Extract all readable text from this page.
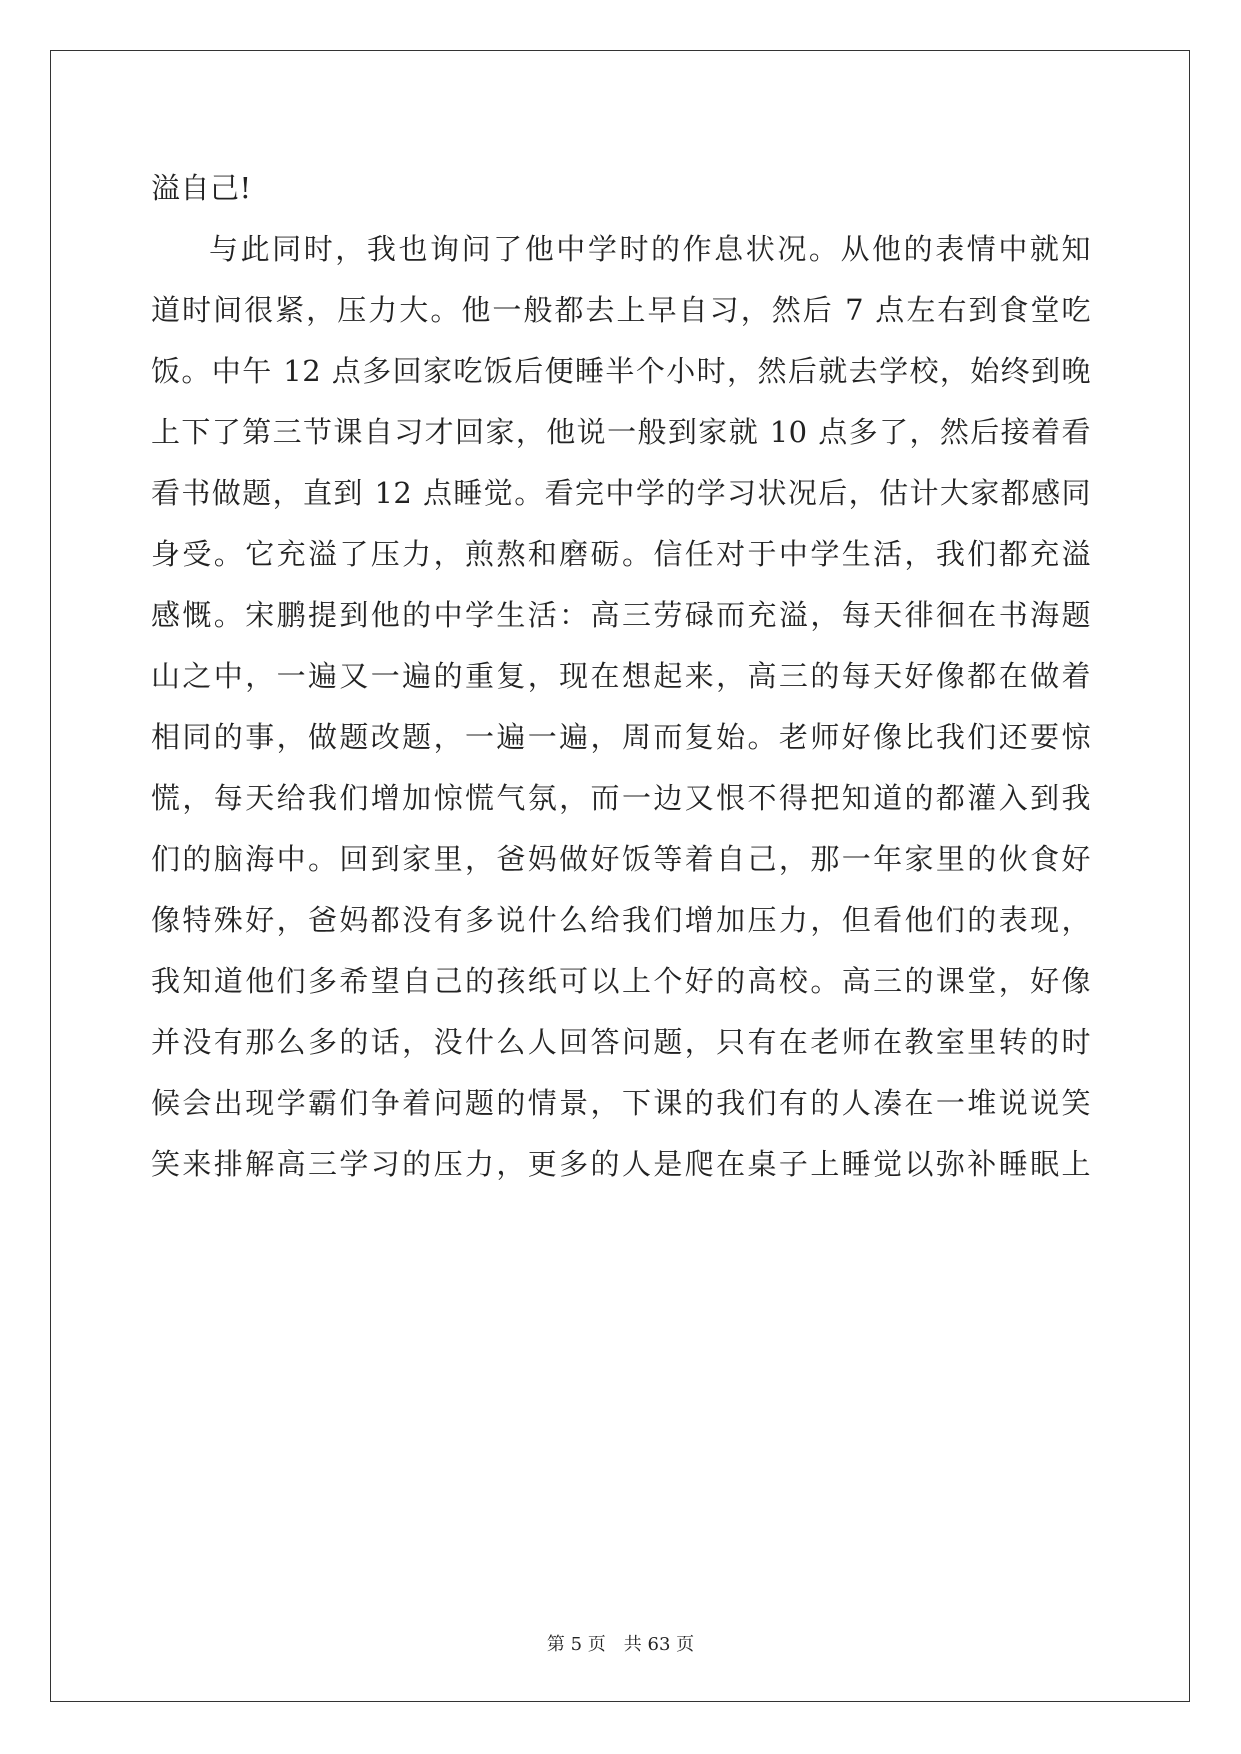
溢自己!
与此同时，我也询问了他中学时的作息状况。从他的表情中就知
道时间很紧，压力大。他一般都去上早自习，然后 7 点左右到食堂吃
饭。中午 12 点多回家吃饭后便睡半个小时，然后就去学校，始终到晚
上下了第三节课自习才回家，他说一般到家就 10 点多了，然后接着看
看书做题，直到 12 点睡觉。看完中学的学习状况后，估计大家都感同
身受。它充溢了压力，煎熬和磨砺。信任对于中学生活，我们都充溢
感慨。宋鹏提到他的中学生活：高三劳碌而充溢，每天徘徊在书海题
山之中，一遍又一遍的重复，现在想起来，高三的每天好像都在做着
相同的事，做题改题，一遍一遍，周而复始。老师好像比我们还要惊
慌，每天给我们增加惊慌气氛，而一边又恨不得把知道的都灌入到我
们的脑海中。回到家里，爸妈做好饭等着自己，那一年家里的伙食好
像特殊好，爸妈都没有多说什么给我们增加压力，但看他们的表现，
我知道他们多希望自己的孩纸可以上个好的高校。高三的课堂，好像
并没有那么多的话，没什么人回答问题，只有在老师在教室里转的时
候会出现学霸们争着问题的情景，下课的我们有的人凑在一堆说说笑
笑来排解高三学习的压力，更多的人是爬在桌子上睡觉以弥补睡眠上
第 5 页 共 63 页
